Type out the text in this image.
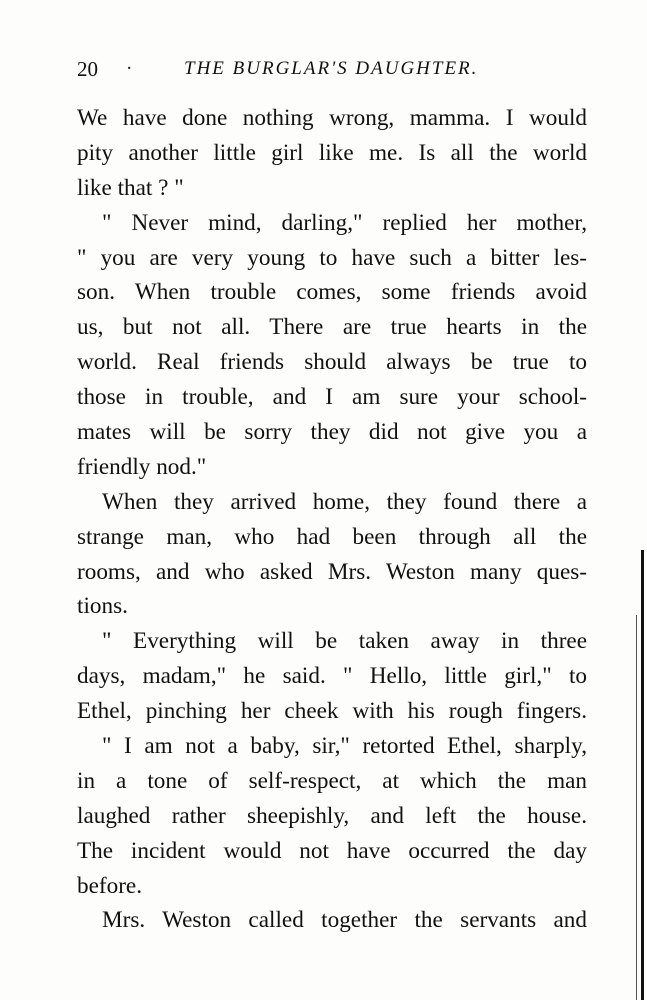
20 ·	THE BURGLAR'S DAUGHTER.
We have done nothing wrong, mamma. I would
pity another little girl like me. Is all the world
like that ? "
" Never mind, darling," replied her mother,
" you are very young to have such a bitter les-
son. When trouble comes, some friends avoid
us, but not all. There are true hearts in the
world. Real friends should always be true to
those in trouble, and I am sure your school-
mates will be sorry they did not give you a
friendly nod."
When they arrived home, they found there a
strange man, who had been through all the
rooms, and who asked Mrs. Weston many ques-
tions.
" Everything will be taken away in three
days, madam," he said. " Hello, little girl," to
Ethel, pinching her cheek with his rough fingers.
" I am not a baby, sir," retorted Ethel, sharply,
in a tone of self-respect, at which the man
laughed rather sheepishly, and left the house.
The incident would not have occurred the day
before.
Mrs. Weston called together the servants and
